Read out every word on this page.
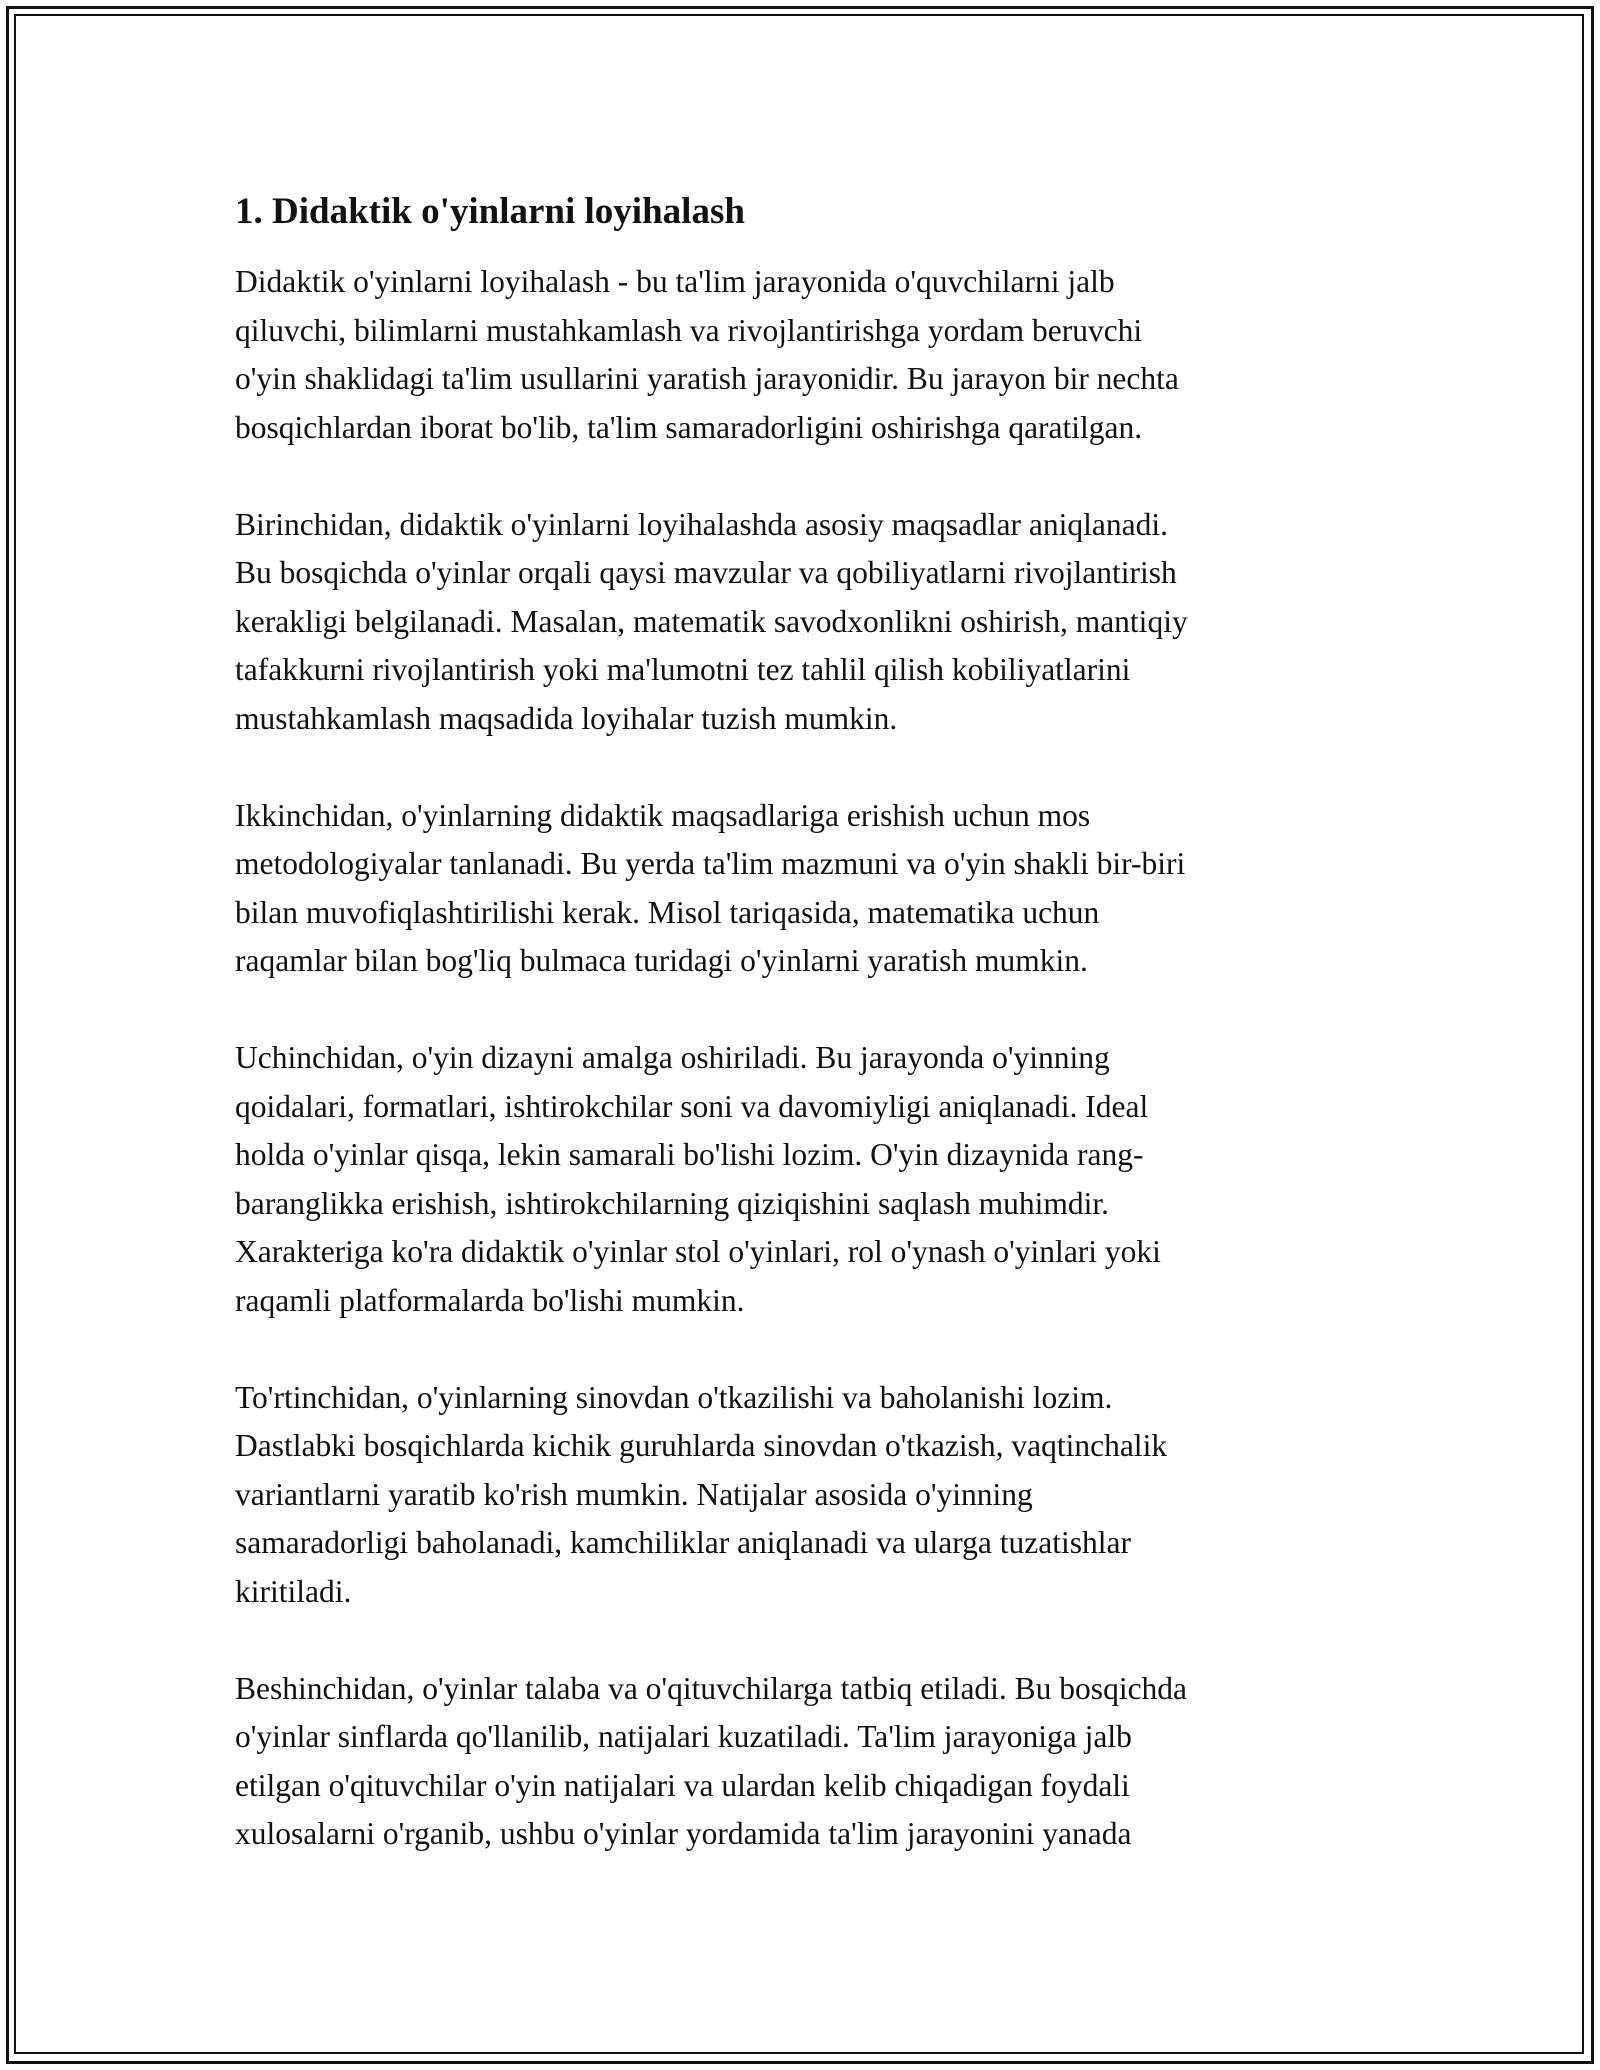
1. Didaktik o'yinlarni loyihalash

Didaktik o'yinlarni loyihalash - bu ta'lim jarayonida o'quvchilarni jalb
qiluvchi, bilimlarni mustahkamlash va rivojlantirishga yordam beruvchi
o'yin shaklidagi ta'lim usullarini yaratish jarayonidir. Bu jarayon bir nechta
bosqichlardan iborat bo'lib, ta'lim samaradorligini oshirishga qaratilgan.

Birinchidan, didaktik o'yinlarni loyihalashda asosiy maqsadlar aniqlanadi.
Bu bosqichda o'yinlar orqali qaysi mavzular va qobiliyatlarni rivojlantirish
kerakligi belgilanadi. Masalan, matematik savodxonlikni oshirish, mantiqiy
tafakkurni rivojlantirish yoki ma'lumotni tez tahlil qilish kobiliyatlarini
mustahkamlash maqsadida loyihalar tuzish mumkin.

Ikkinchidan, o'yinlarning didaktik maqsadlariga erishish uchun mos
metodologiyalar tanlanadi. Bu yerda ta'lim mazmuni va o'yin shakli bir-biri
bilan muvofiqlashtirilishi kerak. Misol tariqasida, matematika uchun
raqamlar bilan bog'liq bulmaca turidagi o'yinlarni yaratish mumkin.

Uchinchidan, o'yin dizayni amalga oshiriladi. Bu jarayonda o'yinning
qoidalari, formatlari, ishtirokchilar soni va davomiyligi aniqlanadi. Ideal
holda o'yinlar qisqa, lekin samarali bo'lishi lozim. O'yin dizaynida rang-
baranglikka erishish, ishtirokchilarning qiziqishini saqlash muhimdir.
Xarakteriga ko'ra didaktik o'yinlar stol o'yinlari, rol o'ynash o'yinlari yoki
raqamli platformalarda bo'lishi mumkin.

To'rtinchidan, o'yinlarning sinovdan o'tkazilishi va baholanishi lozim.
Dastlabki bosqichlarda kichik guruhlarda sinovdan o'tkazish, vaqtinchalik
variantlarni yaratib ko'rish mumkin. Natijalar asosida o'yinning
samaradorligi baholanadi, kamchiliklar aniqlanadi va ularga tuzatishlar
kiritiladi.

Beshinchidan, o'yinlar talaba va o'qituvchilarga tatbiq etiladi. Bu bosqichda
o'yinlar sinflarda qo'llanilib, natijalari kuzatiladi. Ta'lim jarayoniga jalb
etilgan o'qituvchilar o'yin natijalari va ulardan kelib chiqadigan foydali
xulosalarni o'rganib, ushbu o'yinlar yordamida ta'lim jarayonini yanada
